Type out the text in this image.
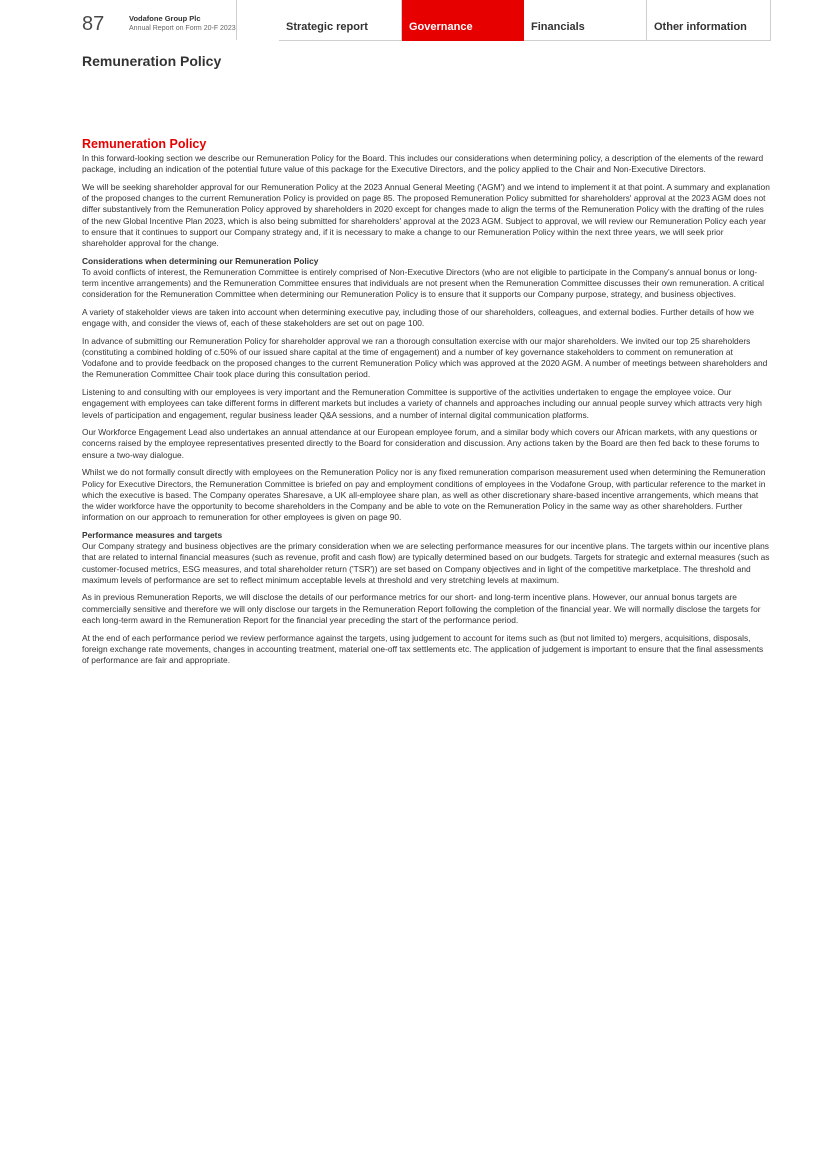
87	Vodafone Group Plc
Annual Report on Form 20-F 2023	Strategic report	Governance	Financials	Other information
Remuneration Policy
Remuneration Policy

In this forward-looking section we describe our Remuneration Policy for the Board. This includes our considerations when determining policy, a description of the elements of the reward package, including an indication of the potential future value of this package for the Executive Directors, and the policy applied to the Chair and Non-Executive Directors.

We will be seeking shareholder approval for our Remuneration Policy at the 2023 Annual General Meeting ('AGM') and we intend to implement it at that point. A summary and explanation of the proposed changes to the current Remuneration Policy is provided on page 85. The proposed Remuneration Policy submitted for shareholders' approval at the 2023 AGM does not differ substantively from the Remuneration Policy approved by shareholders in 2020 except for changes made to align the terms of the Remuneration Policy with the drafting of the rules of the new Global Incentive Plan 2023, which is also being submitted for shareholders' approval at the 2023 AGM. Subject to approval, we will review our Remuneration Policy each year to ensure that it continues to support our Company strategy and, if it is necessary to make a change to our Remuneration Policy within the next three years, we will seek prior shareholder approval for the change.

Considerations when determining our Remuneration Policy

To avoid conflicts of interest, the Remuneration Committee is entirely comprised of Non-Executive Directors (who are not eligible to participate in the Company's annual bonus or long-term incentive arrangements) and the Remuneration Committee ensures that individuals are not present when the Remuneration Committee discusses their own remuneration. A critical consideration for the Remuneration Committee when determining our Remuneration Policy is to ensure that it supports our Company purpose, strategy, and business objectives.

A variety of stakeholder views are taken into account when determining executive pay, including those of our shareholders, colleagues, and external bodies. Further details of how we engage with, and consider the views of, each of these stakeholders are set out on page 100.

In advance of submitting our Remuneration Policy for shareholder approval we ran a thorough consultation exercise with our major shareholders. We invited our top 25 shareholders (constituting a combined holding of c.50% of our issued share capital at the time of engagement) and a number of key governance stakeholders to comment on remuneration at Vodafone and to provide feedback on the proposed changes to the current Remuneration Policy which was approved at the 2020 AGM. A number of meetings between shareholders and the Remuneration Committee Chair took place during this consultation period.

Listening to and consulting with our employees is very important and the Remuneration Committee is supportive of the activities undertaken to engage the employee voice. Our engagement with employees can take different forms in different markets but includes a variety of channels and approaches including our annual people survey which attracts very high levels of participation and engagement, regular business leader Q&A sessions, and a number of internal digital communication platforms.

Our Workforce Engagement Lead also undertakes an annual attendance at our European employee forum, and a similar body which covers our African markets, with any questions or concerns raised by the employee representatives presented directly to the Board for consideration and discussion. Any actions taken by the Board are then fed back to these forums to ensure a two-way dialogue.

Whilst we do not formally consult directly with employees on the Remuneration Policy nor is any fixed remuneration comparison measurement used when determining the Remuneration Policy for Executive Directors, the Remuneration Committee is briefed on pay and employment conditions of employees in the Vodafone Group, with particular reference to the market in which the executive is based. The Company operates Sharesave, a UK all-employee share plan, as well as other discretionary share-based incentive arrangements, which means that the wider workforce have the opportunity to become shareholders in the Company and be able to vote on the Remuneration Policy in the same way as other shareholders. Further information on our approach to remuneration for other employees is given on page 90.

Performance measures and targets

Our Company strategy and business objectives are the primary consideration when we are selecting performance measures for our incentive plans. The targets within our incentive plans that are related to internal financial measures (such as revenue, profit and cash flow) are typically determined based on our budgets. Targets for strategic and external measures (such as customer-focused metrics, ESG measures, and total shareholder return ('TSR')) are set based on Company objectives and in light of the competitive marketplace. The threshold and maximum levels of performance are set to reflect minimum acceptable levels at threshold and very stretching levels at maximum.

As in previous Remuneration Reports, we will disclose the details of our performance metrics for our short- and long-term incentive plans. However, our annual bonus targets are commercially sensitive and therefore we will only disclose our targets in the Remuneration Report following the completion of the financial year. We will normally disclose the targets for each long-term award in the Remuneration Report for the financial year preceding the start of the performance period.

At the end of each performance period we review performance against the targets, using judgement to account for items such as (but not limited to) mergers, acquisitions, disposals, foreign exchange rate movements, changes in accounting treatment, material one-off tax settlements etc. The application of judgement is important to ensure that the final assessments of performance are fair and appropriate.
